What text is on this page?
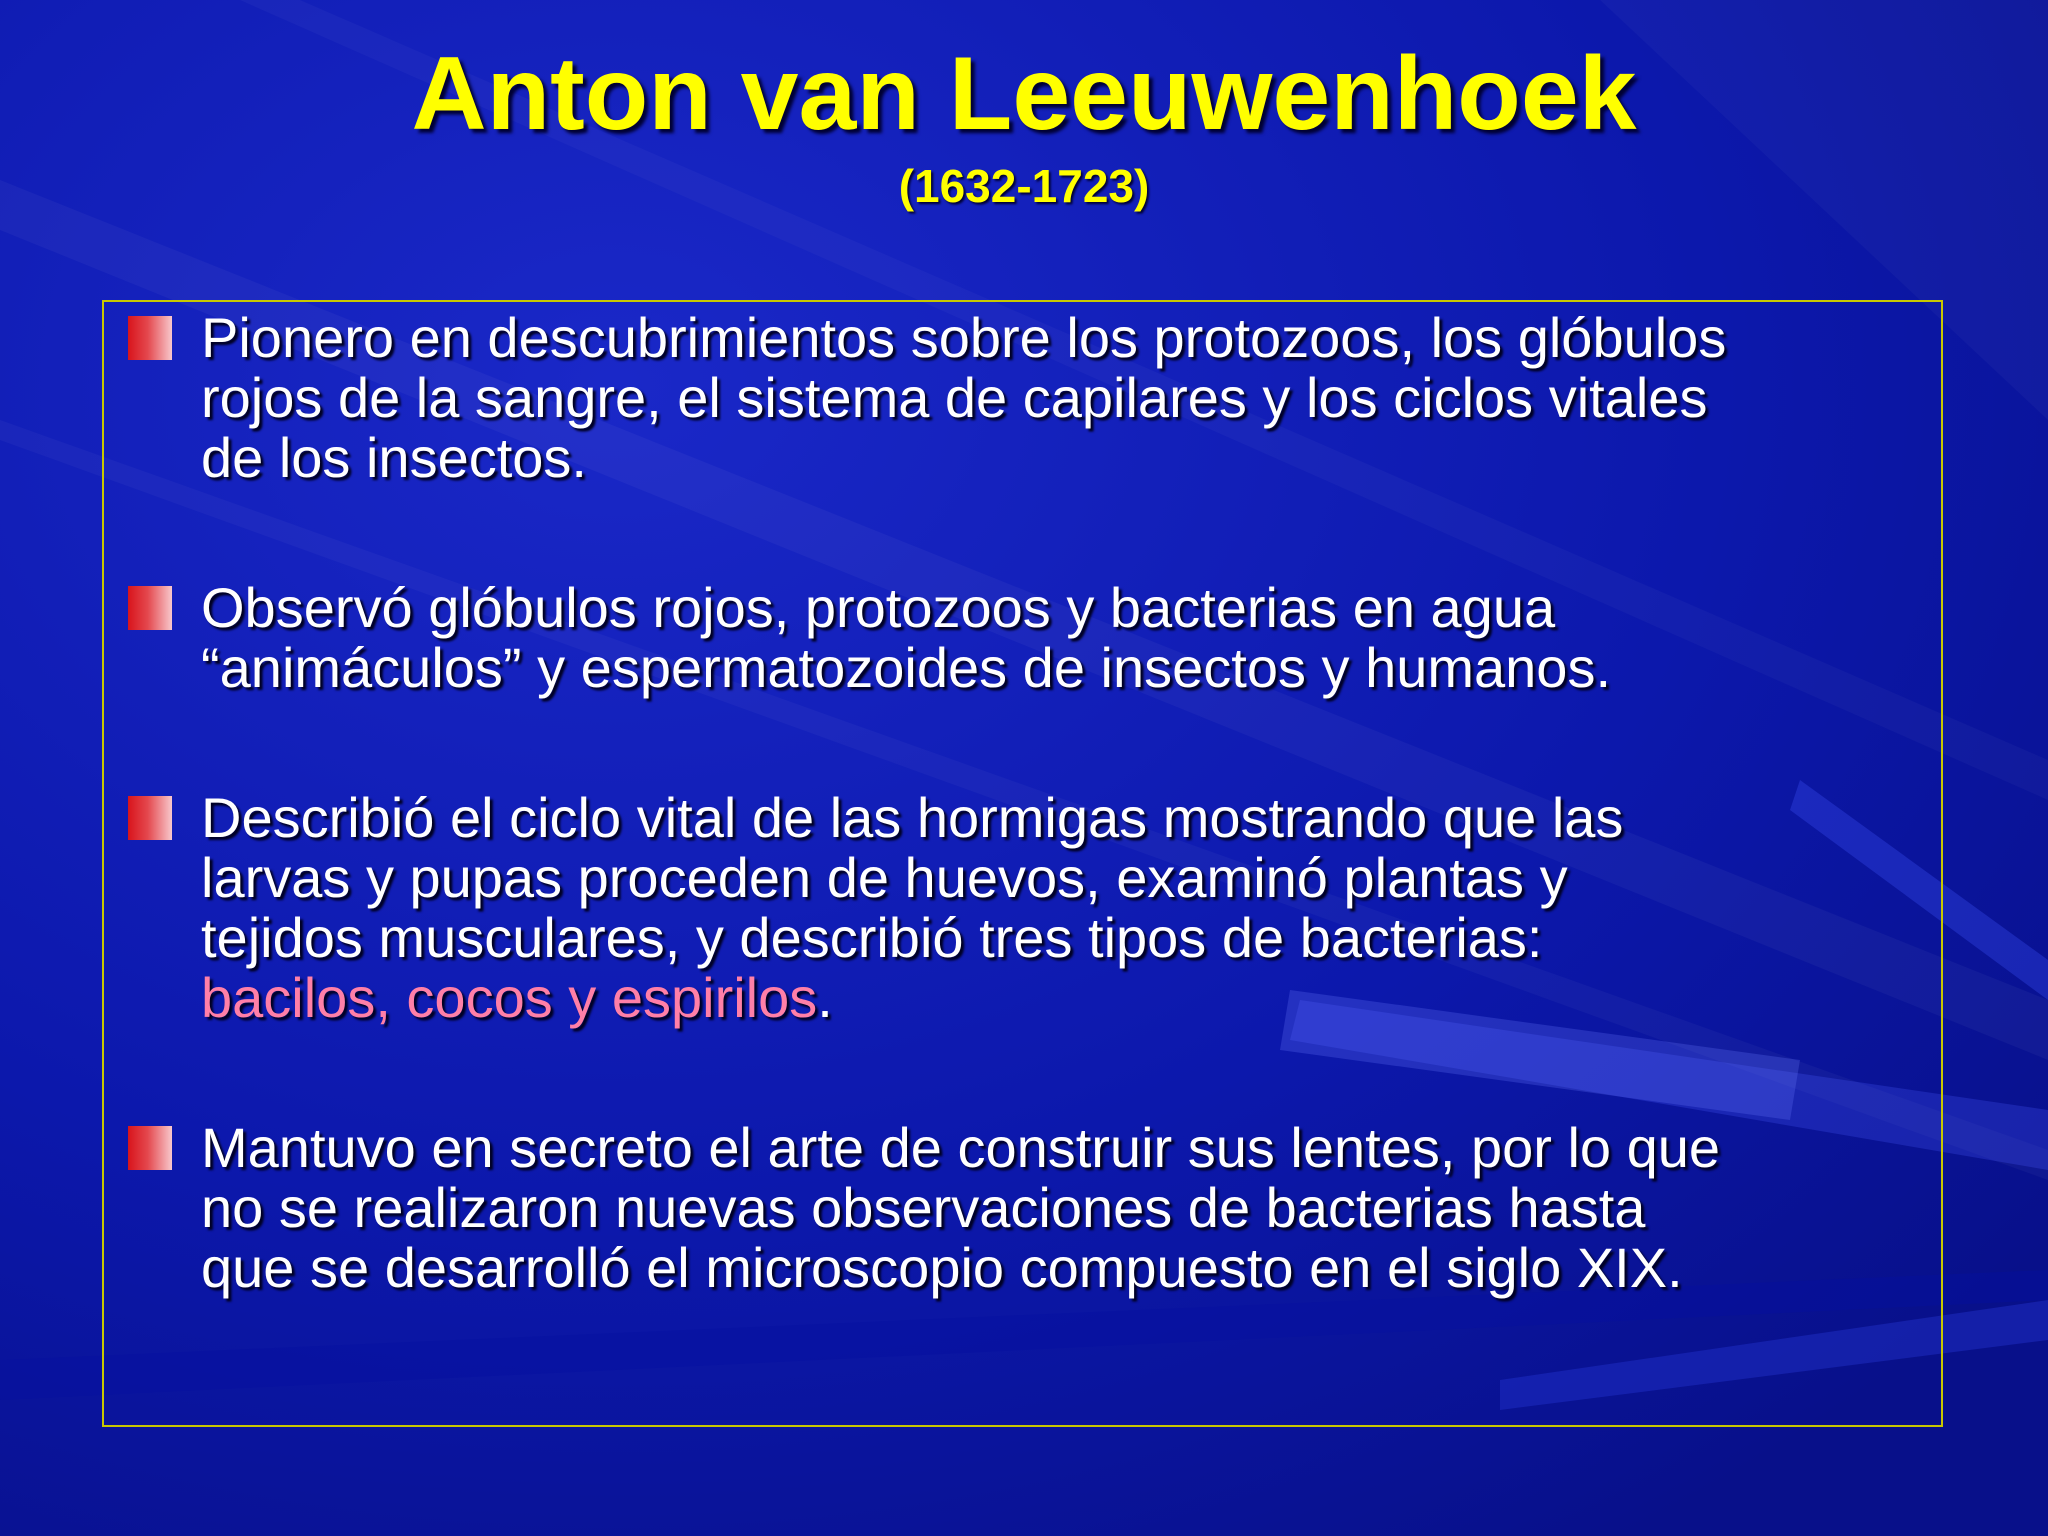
Anton van Leeuwenhoek
(1632-1723)
Pionero en descubrimientos sobre los protozoos, los glóbulos
rojos de la sangre, el sistema de capilares y los ciclos vitales
de los insectos.
Observó glóbulos rojos, protozoos y bacterias en agua
“animáculos” y espermatozoides de insectos y humanos.
Describió el ciclo vital de las hormigas mostrando que las
larvas y pupas proceden de huevos, examinó plantas y
tejidos musculares, y describió tres tipos de bacterias:
bacilos, cocos y espirilos.
Mantuvo en secreto el arte de construir sus lentes, por lo que
no se realizaron nuevas observaciones de bacterias hasta
que se desarrolló el microscopio compuesto en el siglo XIX.
